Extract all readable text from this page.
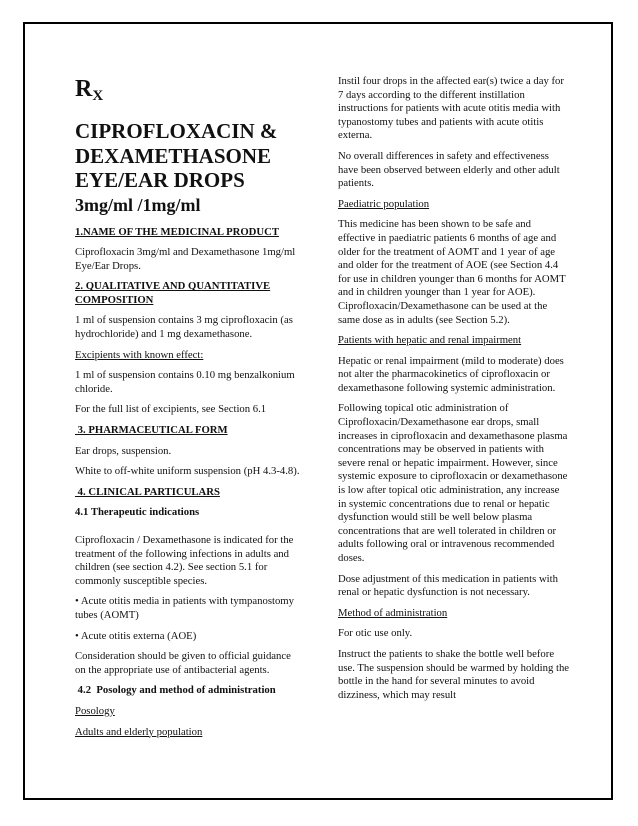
$R_X$
CIPROFLOXACIN &
DEXAMETHASONE
EYE/EAR DROPS
3mg/ml /1mg/ml

1.NAME OF THE MEDICINAL PRODUCT

Ciprofloxacin 3mg/ml and Dexamethasone 1mg/ml Eye/Ear Drops.

2. QUALITATIVE AND QUANTITATIVE COMPOSITION

1 ml of suspension contains 3 mg ciprofloxacin (as hydrochloride) and 1 mg dexamethasone.

Excipients with known effect:

1 ml of suspension contains 0.10 mg benzalkonium chloride.

For the full list of excipients, see Section 6.1

3. PHARMACEUTICAL FORM

Ear drops, suspension.

White to off-white uniform suspension (pH 4.3-4.8).

4. CLINICAL PARTICULARS

4.1 Therapeutic indications

Ciprofloxacin / Dexamethasone is indicated for the treatment of the following infections in adults and children (see section 4.2). See section 5.1 for commonly susceptible species.

• Acute otitis media in patients with tympanostomy tubes (AOMT)

• Acute otitis externa (AOE)

Consideration should be given to official guidance on the appropriate use of antibacterial agents.

4.2  Posology and method of administration

Posology

Adults and elderly population

Instil four drops in the affected ear(s) twice a day for 7 days according to the different instillation instructions for patients with acute otitis media with typanostomy tubes and patients with acute otitis externa.

No overall differences in safety and effectiveness have been observed between elderly and other adult patients.

Paediatric population

This medicine has been shown to be safe and effective in paediatric patients 6 months of age and older for the treatment of AOMT and 1 year of age and older for the treatment of AOE (see Section 4.4 for use in children younger than 6 months for AOMT and in children younger than 1 year for AOE). Ciprofloxacin/Dexamethasone can be used at the same dose as in adults (see Section 5.2).

Patients with hepatic and renal impairment

Hepatic or renal impairment (mild to moderate) does not alter the pharmacokinetics of ciprofloxacin or dexamethasone following systemic administration.

Following topical otic administration of Ciprofloxacin/Dexamethasone ear drops, small increases in ciprofloxacin and dexamethasone plasma concentrations may be observed in patients with severe renal or hepatic impairment. However, since systemic exposure to ciprofloxacin or dexamethasone is low after topical otic administration, any increase in systemic concentrations due to renal or hepatic dysfunction would still be well below plasma concentrations that are well tolerated in children or adults following oral or intravenous recommended doses.

Dose adjustment of this medication in patients with renal or hepatic dysfunction is not necessary.

Method of administration

For otic use only.

Instruct the patients to shake the bottle well before use. The suspension should be warmed by holding the bottle in the hand for several minutes to avoid dizziness, which may result
